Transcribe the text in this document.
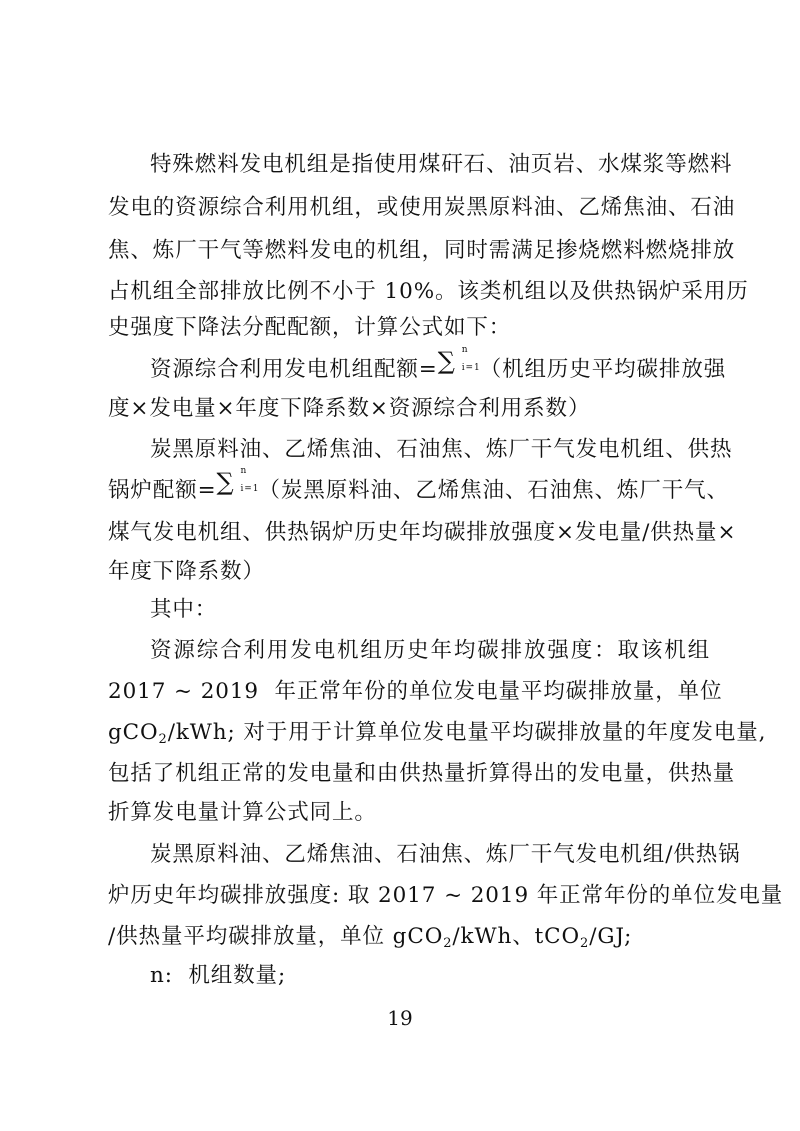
特殊燃料发电机组是指使用煤矸石、油页岩、水煤浆等燃料
发电的资源综合利用机组，或使用炭黑原料油、乙烯焦油、石油
焦、炼厂干气等燃料发电的机组，同时需满足掺烧燃料燃烧排放
占机组全部排放比例不小于 10%。该类机组以及供热锅炉采用历
史强度下降法分配配额，计算公式如下：
资源综合利用发电机组配额= ∑ n
i=1 （机组历史平均碳排放强
度×发电量×年度下降系数×资源综合利用系数）
炭黑原料油、乙烯焦油、石油焦、炼厂干气发电机组、供热
锅炉配额= ∑ n
i=1 （炭黑原料油、乙烯焦油、石油焦、炼厂干气、
煤气发电机组、供热锅炉历史年均碳排放强度×发电量/供热量×
年度下降系数）
其中：
资源综合利用发电机组历史年均碳排放强度：取该机组
2017 ~ 2019  年正常年份的单位发电量平均碳排放量，单位
gCO$_2$/kWh; 对于用于计算单位发电量平均碳排放量的年度发电量,
包括了机组正常的发电量和由供热量折算得出的发电量，供热量
折算发电量计算公式同上。
炭黑原料油、乙烯焦油、石油焦、炼厂干气发电机组/供热锅
炉历史年均碳排放强度: 取 2017 ~ 2019 年正常年份的单位发电量
/供热量平均碳排放量，单位 gCO$_2$/kWh、tCO$_2$/GJ;
n:  机组数量;
19
